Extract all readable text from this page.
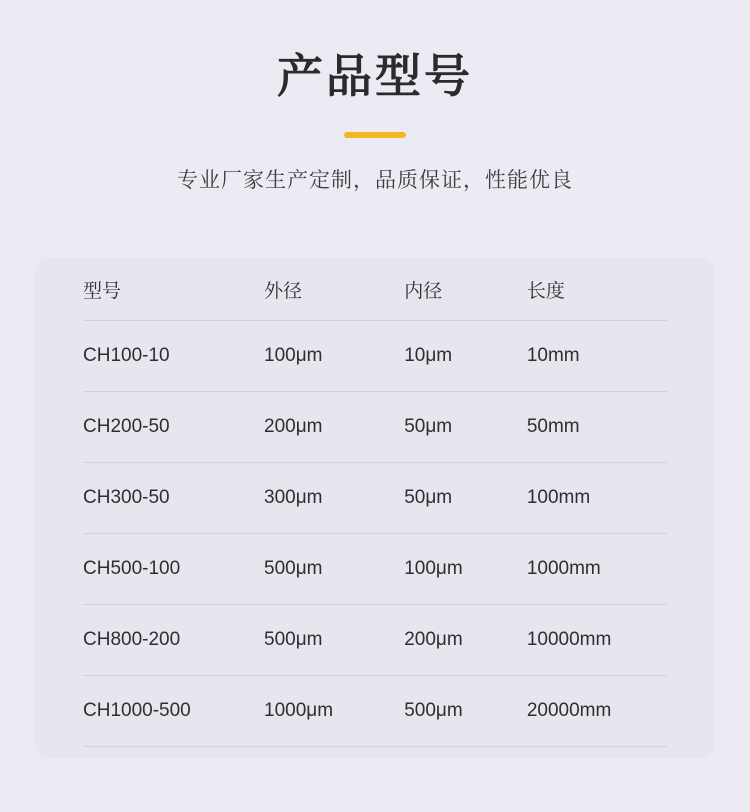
产品型号
专业厂家生产定制，品质保证，性能优良
型号	外径	内径	长度
CH100-10	100μm	10μm	10mm
CH200-50	200μm	50μm	50mm
CH300-50	300μm	50μm	100mm
CH500-100	500μm	100μm	1000mm
CH800-200	500μm	200μm	10000mm
CH1000-500	1000μm	500μm	20000mm
